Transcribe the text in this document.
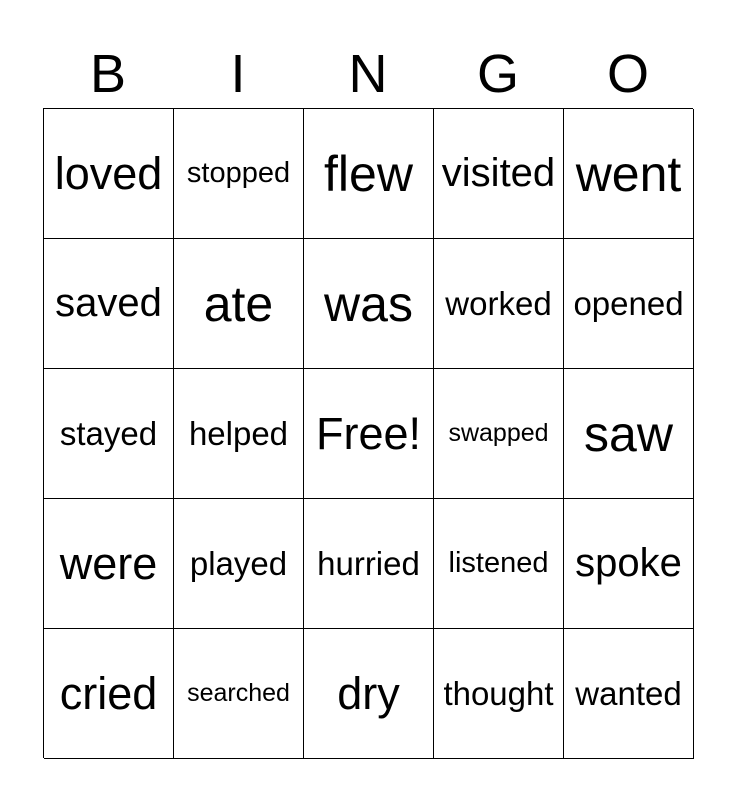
B	I	N	G	O
loved stopped flew visited went
saved ate was worked opened
stayed helped Free! swapped saw
were played hurried listened spoke
cried searched dry thought wanted
